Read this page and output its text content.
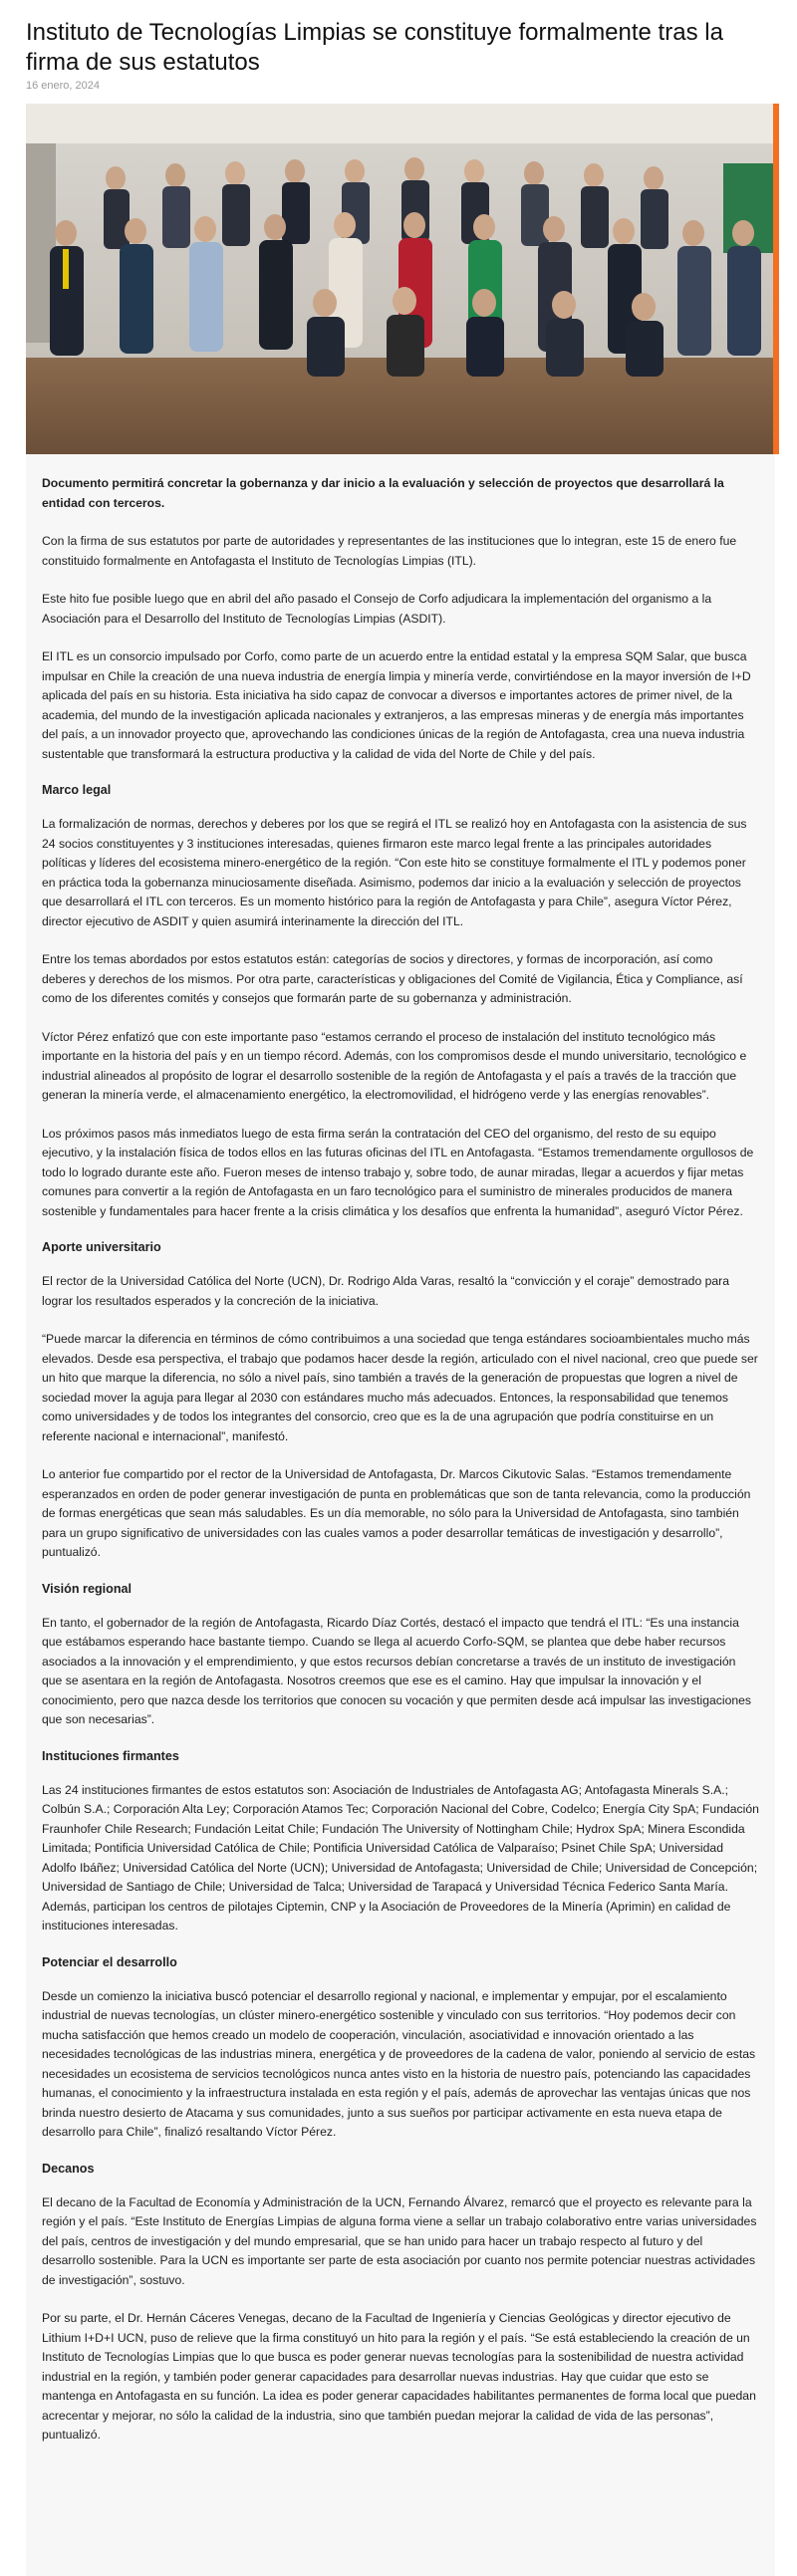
Instituto de Tecnologías Limpias se constituye formalmente tras la firma de sus estatutos
16 enero, 2024

Documento permitirá concretar la gobernanza y dar inicio a la evaluación y selección de proyectos que desarrollará la entidad con terceros.

Con la firma de sus estatutos por parte de autoridades y representantes de las instituciones que lo integran, este 15 de enero fue constituido formalmente en Antofagasta el Instituto de Tecnologías Limpias (ITL).

Este hito fue posible luego que en abril del año pasado el Consejo de Corfo adjudicara la implementación del organismo a la Asociación para el Desarrollo del Instituto de Tecnologías Limpias (ASDIT).

El ITL es un consorcio impulsado por Corfo, como parte de un acuerdo entre la entidad estatal y la empresa SQM Salar, que busca impulsar en Chile la creación de una nueva industria de energía limpia y minería verde, convirtiéndose en la mayor inversión de I+D aplicada del país en su historia. Esta iniciativa ha sido capaz de convocar a diversos e importantes actores de primer nivel, de la academia, del mundo de la investigación aplicada nacionales y extranjeros, a las empresas mineras y de energía más importantes del país, a un innovador proyecto que, aprovechando las condiciones únicas de la región de Antofagasta, crea una nueva industria sustentable que transformará la estructura productiva y la calidad de vida del Norte de Chile y del país.

Marco legal

La formalización de normas, derechos y deberes por los que se regirá el ITL se realizó hoy en Antofagasta con la asistencia de sus 24 socios constituyentes y 3 instituciones interesadas, quienes firmaron este marco legal frente a las principales autoridades políticas y líderes del ecosistema minero-energético de la región. “Con este hito se constituye formalmente el ITL y podemos poner en práctica toda la gobernanza minuciosamente diseñada. Asimismo, podemos dar inicio a la evaluación y selección de proyectos que desarrollará el ITL con terceros. Es un momento histórico para la región de Antofagasta y para Chile”, asegura Víctor Pérez, director ejecutivo de ASDIT y quien asumirá interinamente la dirección del ITL.

Entre los temas abordados por estos estatutos están: categorías de socios y directores, y formas de incorporación, así como deberes y derechos de los mismos. Por otra parte, características y obligaciones del Comité de Vigilancia, Ética y Compliance, así como de los diferentes comités y consejos que formarán parte de su gobernanza y administración.

Víctor Pérez enfatizó que con este importante paso “estamos cerrando el proceso de instalación del instituto tecnológico más importante en la historia del país y en un tiempo récord. Además, con los compromisos desde el mundo universitario, tecnológico e industrial alineados al propósito de lograr el desarrollo sostenible de la región de Antofagasta y el país a través de la tracción que generan la minería verde, el almacenamiento energético, la electromovilidad, el hidrógeno verde y las energías renovables”.

Los próximos pasos más inmediatos luego de esta firma serán la contratación del CEO del organismo, del resto de su equipo ejecutivo, y la instalación física de todos ellos en las futuras oficinas del ITL en Antofagasta. “Estamos tremendamente orgullosos de todo lo logrado durante este año. Fueron meses de intenso trabajo y, sobre todo, de aunar miradas, llegar a acuerdos y fijar metas comunes para convertir a la región de Antofagasta en un faro tecnológico para el suministro de minerales producidos de manera sostenible y fundamentales para hacer frente a la crisis climática y los desafíos que enfrenta la humanidad”, aseguró Víctor Pérez.

Aporte universitario

El rector de la Universidad Católica del Norte (UCN), Dr. Rodrigo Alda Varas, resaltó la “convicción y el coraje” demostrado para lograr los resultados esperados y la concreción de la iniciativa.

“Puede marcar la diferencia en términos de cómo contribuimos a una sociedad que tenga estándares socioambientales mucho más elevados. Desde esa perspectiva, el trabajo que podamos hacer desde la región, articulado con el nivel nacional, creo que puede ser un hito que marque la diferencia, no sólo a nivel país, sino también a través de la generación de propuestas que logren a nivel de sociedad mover la aguja para llegar al 2030 con estándares mucho más adecuados. Entonces, la responsabilidad que tenemos como universidades y de todos los integrantes del consorcio, creo que es la de una agrupación que podría constituirse en un referente nacional e internacional”, manifestó.

Lo anterior fue compartido por el rector de la Universidad de Antofagasta, Dr. Marcos Cikutovic Salas. “Estamos tremendamente esperanzados en orden de poder generar investigación de punta en problemáticas que son de tanta relevancia, como la producción de formas energéticas que sean más saludables. Es un día memorable, no sólo para la Universidad de Antofagasta, sino también para un grupo significativo de universidades con las cuales vamos a poder desarrollar temáticas de investigación y desarrollo”, puntualizó.

Visión regional

En tanto, el gobernador de la región de Antofagasta, Ricardo Díaz Cortés, destacó el impacto que tendrá el ITL: “Es una instancia que estábamos esperando hace bastante tiempo. Cuando se llega al acuerdo Corfo-SQM, se plantea que debe haber recursos asociados a la innovación y el emprendimiento, y que estos recursos debían concretarse a través de un instituto de investigación que se asentara en la región de Antofagasta. Nosotros creemos que ese es el camino. Hay que impulsar la innovación y el conocimiento, pero que nazca desde los territorios que conocen su vocación y que permiten desde acá impulsar las investigaciones que son necesarias”.

Instituciones firmantes

Las 24 instituciones firmantes de estos estatutos son: Asociación de Industriales de Antofagasta AG; Antofagasta Minerals S.A.; Colbún S.A.; Corporación Alta Ley; Corporación Atamos Tec; Corporación Nacional del Cobre, Codelco; Energía City SpA; Fundación Fraunhofer Chile Research; Fundación Leitat Chile; Fundación The University of Nottingham Chile; Hydrox SpA; Minera Escondida Limitada; Pontificia Universidad Católica de Chile; Pontificia Universidad Católica de Valparaíso; Psinet Chile SpA; Universidad Adolfo Ibáñez; Universidad Católica del Norte (UCN); Universidad de Antofagasta; Universidad de Chile; Universidad de Concepción; Universidad de Santiago de Chile; Universidad de Talca; Universidad de Tarapacá y Universidad Técnica Federico Santa María. Además, participan los centros de pilotajes Ciptemin, CNP y la Asociación de Proveedores de la Minería (Aprimin) en calidad de instituciones interesadas.

Potenciar el desarrollo

Desde un comienzo la iniciativa buscó potenciar el desarrollo regional y nacional, e implementar y empujar, por el escalamiento industrial de nuevas tecnologías, un clúster minero-energético sostenible y vinculado con sus territorios. “Hoy podemos decir con mucha satisfacción que hemos creado un modelo de cooperación, vinculación, asociatividad e innovación orientado a las necesidades tecnológicas de las industrias minera, energética y de proveedores de la cadena de valor, poniendo al servicio de estas necesidades un ecosistema de servicios tecnológicos nunca antes visto en la historia de nuestro país, potenciando las capacidades humanas, el conocimiento y la infraestructura instalada en esta región y el país, además de aprovechar las ventajas únicas que nos brinda nuestro desierto de Atacama y sus comunidades, junto a sus sueños por participar activamente en esta nueva etapa de desarrollo para Chile”, finalizó resaltando Víctor Pérez.

Decanos

El decano de la Facultad de Economía y Administración de la UCN, Fernando Álvarez, remarcó que el proyecto es relevante para la región y el país. “Este Instituto de Energías Limpias de alguna forma viene a sellar un trabajo colaborativo entre varias universidades del país, centros de investigación y del mundo empresarial, que se han unido para hacer un trabajo respecto al futuro y del desarrollo sostenible. Para la UCN es importante ser parte de esta asociación por cuanto nos permite potenciar nuestras actividades de investigación”, sostuvo.

Por su parte, el Dr. Hernán Cáceres Venegas, decano de la Facultad de Ingeniería y Ciencias Geológicas y director ejecutivo de Lithium I+D+I UCN, puso de relieve que la firma constituyó un hito para la región y el país. “Se está estableciendo la creación de un Instituto de Tecnologías Limpias que lo que busca es poder generar nuevas tecnologías para la sostenibilidad de nuestra actividad industrial en la región, y también poder generar capacidades para desarrollar nuevas industrias. Hay que cuidar que esto se mantenga en Antofagasta en su función. La idea es poder generar capacidades habilitantes permanentes de forma local que puedan acrecentar y mejorar, no sólo la calidad de la industria, sino que también puedan mejorar la calidad de vida de las personas”, puntualizó.
